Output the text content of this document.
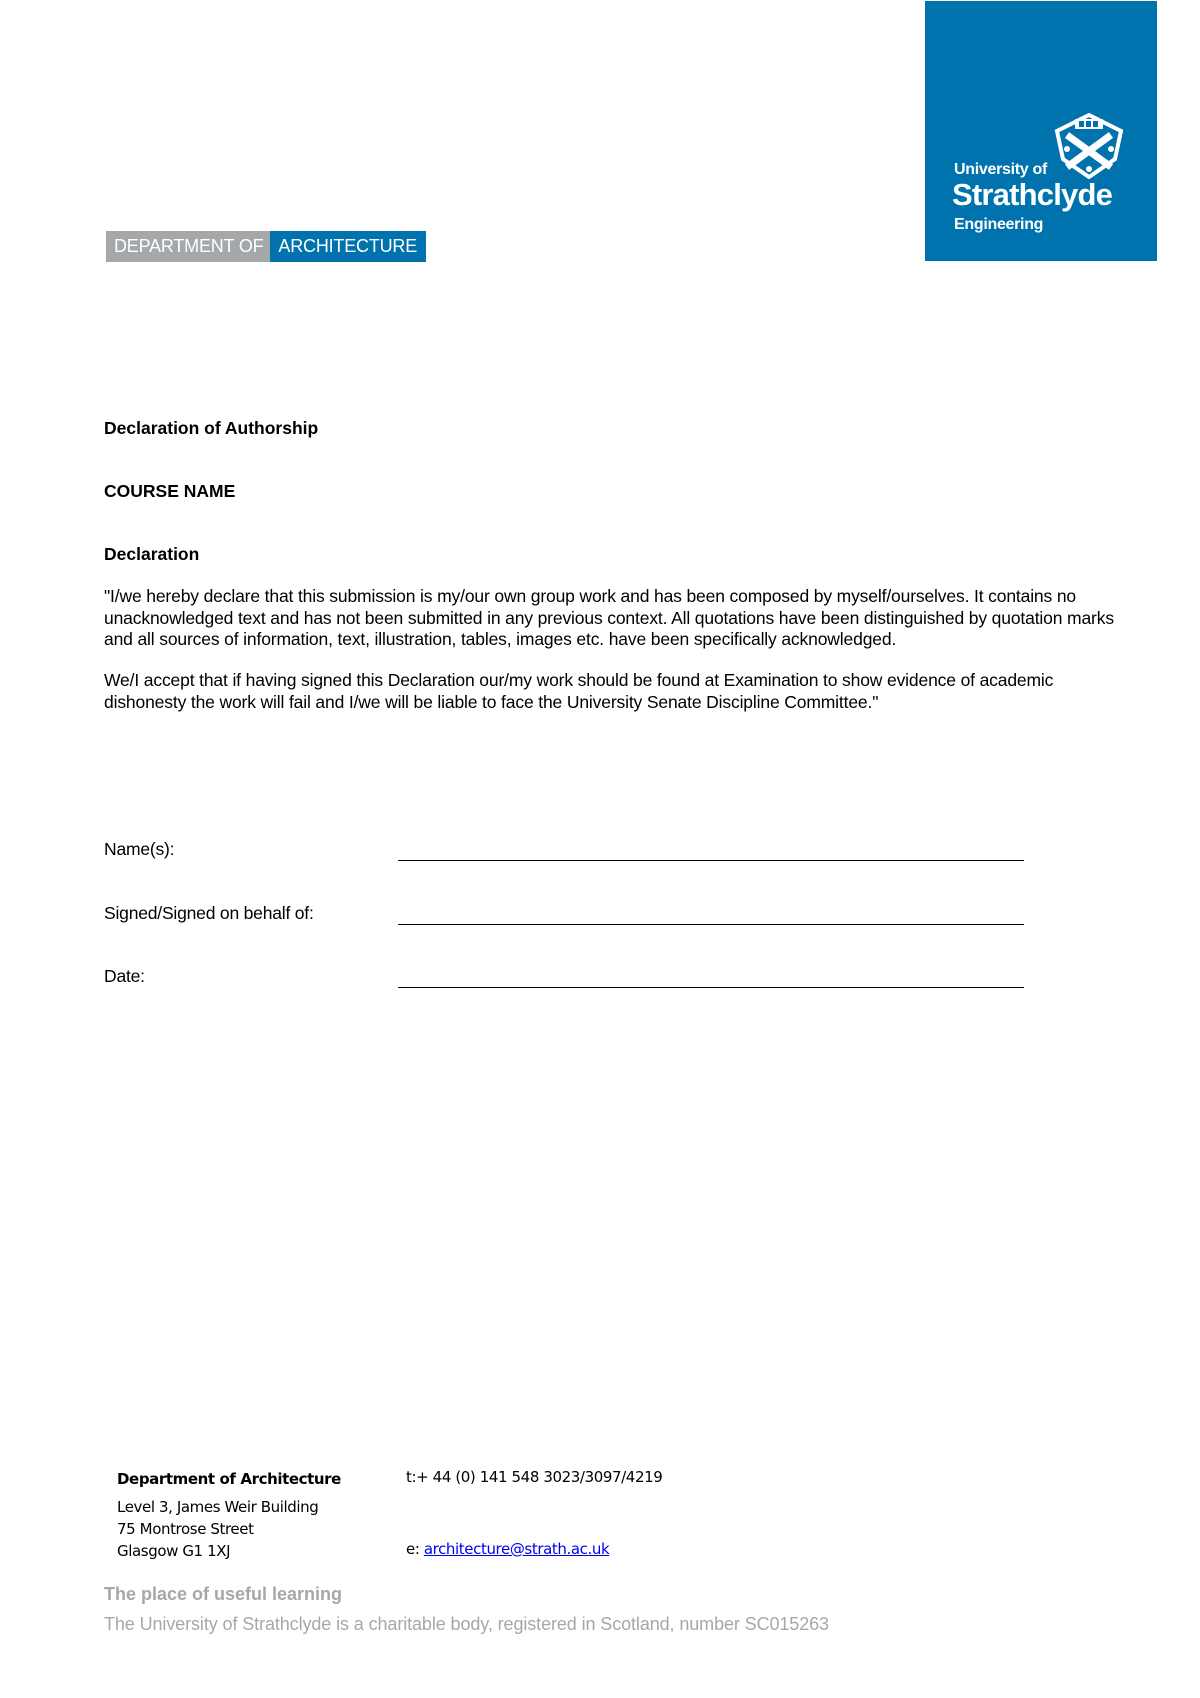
University of
Strathclyde
Engineering
DEPARTMENT OF ARCHITECTURE
Declaration of Authorship
COURSE NAME
Declaration
"I/we hereby declare that this submission is my/our own group work and has been composed by myself/ourselves. It contains no unacknowledged text and has not been submitted in any previous context. All quotations have been distinguished by quotation marks and all sources of information, text, illustration, tables, images etc. have been specifically acknowledged.
We/I accept that if having signed this Declaration our/my work should be found at Examination to show evidence of academic dishonesty the work will fail and I/we will be liable to face the University Senate Discipline Committee."
Name(s):
Signed/Signed on behalf of:
Date:
Department of Architecture
Level 3, James Weir Building
75 Montrose Street
Glasgow G1 1XJ
t:+ 44 (0) 141 548 3023/3097/4219
e: architecture@strath.ac.uk
The place of useful learning
The University of Strathclyde is a charitable body, registered in Scotland, number SC015263
